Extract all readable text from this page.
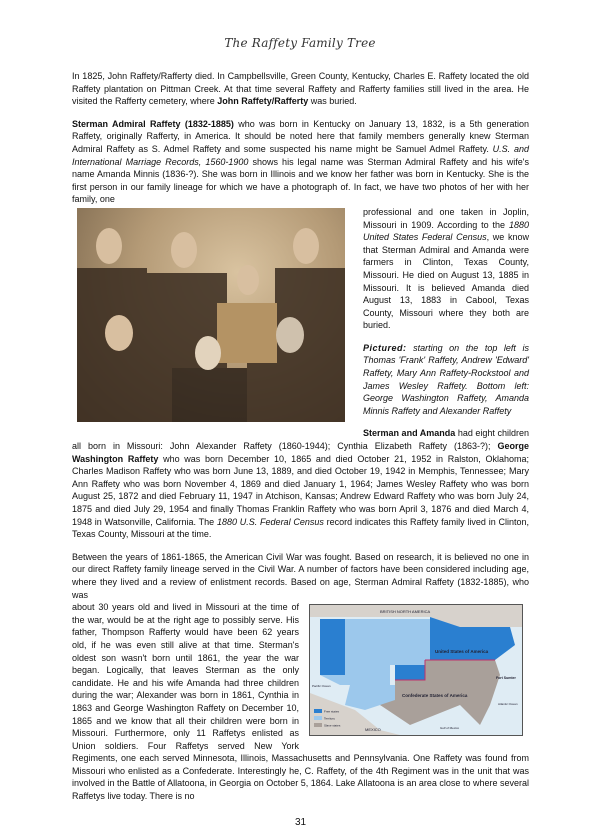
The Raffety Family Tree

In 1825, John Raffety/Rafferty died. In Campbellsville, Green County, Kentucky, Charles E. Raffety located the old Raffety plantation on Pittman Creek. At that time several Raffety and Rafferty families still lived in the area. He visited the Rafferty cemetery, where John Raffety/Rafferty was buried.

Sterman Admiral Raffety (1832-1885) who was born in Kentucky on January 13, 1832, is a 5th generation Raffety, originally Rafferty, in America. It should be noted here that family members generally knew Sterman Admiral Raffety as S. Admel Raffety and some suspected his name might be Samuel Admel Raffety. U.S. and International Marriage Records, 1560-1900 shows his legal name was Sterman Admiral Raffety and his wife's name Amanda Minnis (1836-?). She was born in Illinois and we know her father was born in Kentucky. She is the first person in our family lineage for which we have a photograph of. In fact, we have two photos of her with her family, one

professional and one taken in Joplin, Missouri in 1909. According to the 1880 United States Federal Census, we know that Sterman Admiral and Amanda were farmers in Clinton, Texas County, Missouri. He died on August 13, 1885 in Missouri. It is believed Amanda died August 13, 1883 in Cabool, Texas County, Missouri where they both are buried.

Pictured: starting on the top left is Thomas 'Frank' Raffety, Andrew 'Edward' Raffety, Mary Ann Raffety-Rockstool and James Wesley Raffety. Bottom left: George Washington Raffety, Amanda Minnis Raffety and Alexander Raffety

Sterman and Amanda had eight children all born in Missouri: John Alexander Raffety (1860-1944); Cynthia Elizabeth Raffety (1863-?); George Washington Raffety who was born December 10, 1865 and died October 21, 1952 in Ralston, Oklahoma; Charles Madison Raffety who was born June 13, 1889, and died October 19, 1942 in Memphis, Tennessee; Mary Ann Raffety who was born November 4, 1869 and died January 1, 1964; James Wesley Raffety who was born August 25, 1872 and died February 11, 1947 in Atchison, Kansas; Andrew Edward Raffety who was born July 24, 1875 and died July 29, 1954 and finally Thomas Franklin Raffety who was born April 3, 1876 and died March 4, 1948 in Watsonville, California. The 1880 U.S. Federal Census record indicates this Raffety family lived in Clinton, Texas County, Missouri at the time.

Between the years of 1861-1865, the American Civil War was fought. Based on research, it is believed no one in our direct Raffety family lineage served in the Civil War. A number of factors have been considered including age, where they lived and a review of enlistment records. Based on age, Sterman Admiral Raffety (1832-1885), who was

BRITISH NORTH AMERICA
MEXICO
United States of America
Confederate States of America
Fort Sumter
Gulf of Mexico
Pacific Ocean
Atlantic Ocean
Free states
Territory
Slave states

about 30 years old and lived in Missouri at the time of the war, would be at the right age to possibly serve. His father, Thompson Rafferty would have been 62 years old, if he was even still alive at that time. Sterman's oldest son wasn't born until 1861, the year the war began. Logically, that leaves Sterman as the only candidate. He and his wife Amanda had three children during the war; Alexander was born in 1861, Cynthia in 1863 and George Washington Raffety on December 10, 1865 and we know that all their children were born in Missouri. Furthermore, only 11 Raffetys enlisted as Union soldiers. Four Raffetys served New York Regiments, one each served Minnesota, Illinois, Massachusetts and Pennsylvania. One Raffety was found from Missouri who enlisted as a Confederate. Interestingly he, C. Raffety, of the 4th Regiment was in the unit that was involved in the Battle of Allatoona, in Georgia on October 5, 1864. Lake Allatoona is an area close to where several Raffetys live today. There is no

31
